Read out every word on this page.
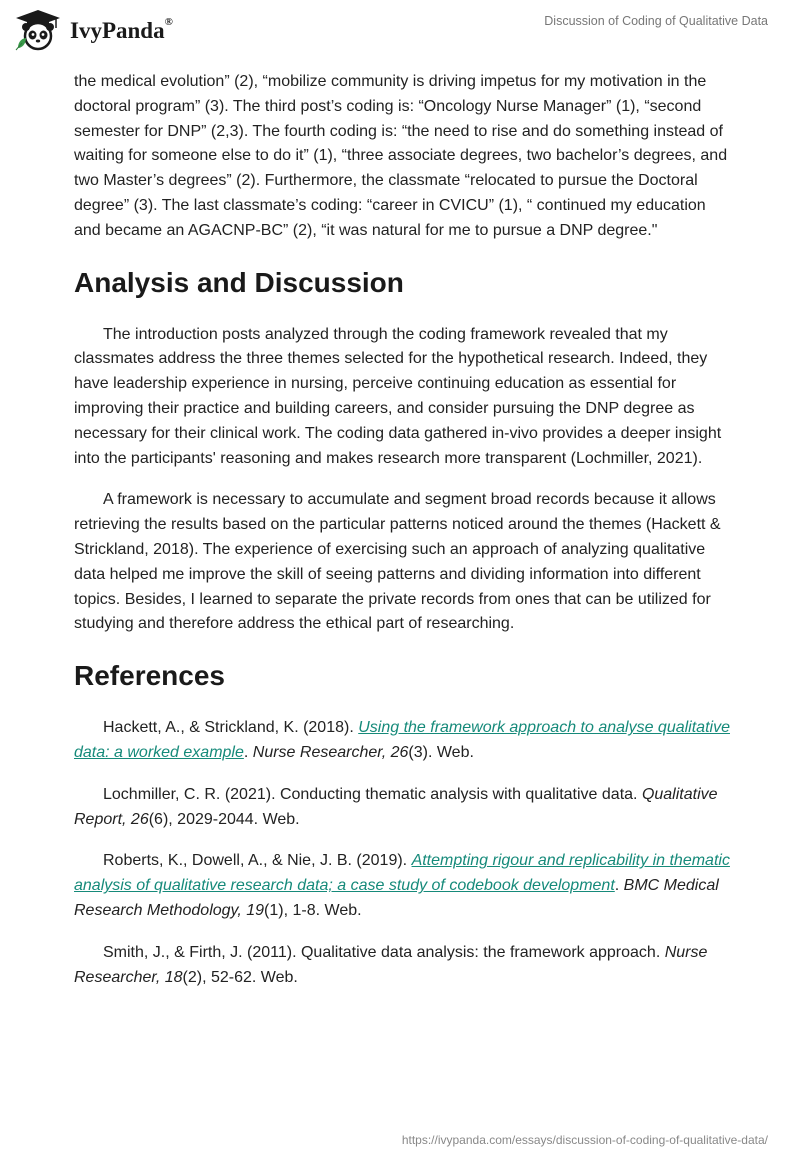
IvyPanda®	Discussion of Coding of Qualitative Data

the medical evolution” (2), “mobilize community is driving impetus for my motivation in the doctoral program” (3). The third post’s coding is: “Oncology Nurse Manager” (1), “second semester for DNP” (2,3). The fourth coding is: “the need to rise and do something instead of waiting for someone else to do it” (1), “three associate degrees, two bachelor’s degrees, and two Master’s degrees” (2). Furthermore, the classmate “relocated to pursue the Doctoral degree” (3). The last classmate’s coding: “career in CVICU” (1), “ continued my education and became an AGACNP-BC” (2), “it was natural for me to pursue a DNP degree."

Analysis and Discussion

The introduction posts analyzed through the coding framework revealed that my classmates address the three themes selected for the hypothetical research. Indeed, they have leadership experience in nursing, perceive continuing education as essential for improving their practice and building careers, and consider pursuing the DNP degree as necessary for their clinical work. The coding data gathered in-vivo provides a deeper insight into the participants' reasoning and makes research more transparent (Lochmiller, 2021).

A framework is necessary to accumulate and segment broad records because it allows retrieving the results based on the particular patterns noticed around the themes (Hackett & Strickland, 2018). The experience of exercising such an approach of analyzing qualitative data helped me improve the skill of seeing patterns and dividing information into different topics. Besides, I learned to separate the private records from ones that can be utilized for studying and therefore address the ethical part of researching.

References

Hackett, A., & Strickland, K. (2018). Using the framework approach to analyse qualitative data: a worked example. Nurse Researcher, 26(3). Web.

Lochmiller, C. R. (2021). Conducting thematic analysis with qualitative data. Qualitative Report, 26(6), 2029-2044. Web.

Roberts, K., Dowell, A., & Nie, J. B. (2019). Attempting rigour and replicability in thematic analysis of qualitative research data; a case study of codebook development. BMC Medical Research Methodology, 19(1), 1-8. Web.

Smith, J., & Firth, J. (2011). Qualitative data analysis: the framework approach. Nurse Researcher, 18(2), 52-62. Web.

https://ivypanda.com/essays/discussion-of-coding-of-qualitative-data/
